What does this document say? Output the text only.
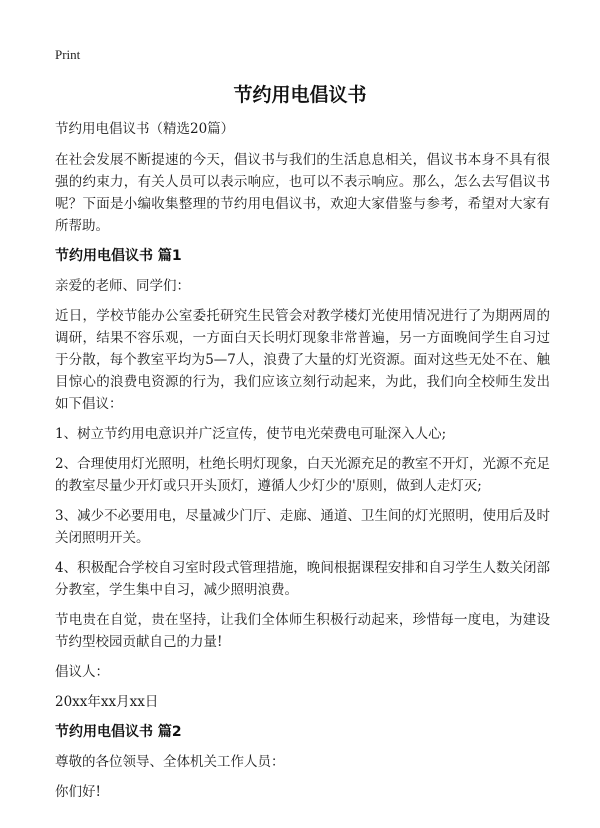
Print
节约用电倡议书

节约用电倡议书（精选20篇）

在社会发展不断提速的今天，倡议书与我们的生活息息相关，倡议书本身不具有很强的约束力，有关人员可以表示响应，也可以不表示响应。那么，怎么去写倡议书呢？下面是小编收集整理的节约用电倡议书，欢迎大家借鉴与参考，希望对大家有所帮助。

节约用电倡议书 篇1

亲爱的老师、同学们：

近日，学校节能办公室委托研究生民管会对教学楼灯光使用情况进行了为期两周的调研，结果不容乐观，一方面白天长明灯现象非常普遍，另一方面晚间学生自习过于分散，每个教室平均为5—7人，浪费了大量的灯光资源。面对这些无处不在、触目惊心的浪费电资源的行为，我们应该立刻行动起来，为此，我们向全校师生发出如下倡议：

1、树立节约用电意识并广泛宣传，使节电光荣费电可耻深入人心;

2、合理使用灯光照明，杜绝长明灯现象，白天光源充足的教室不开灯，光源不充足的教室尽量少开灯或只开头顶灯，遵循人少灯少的'原则，做到人走灯灭;

3、减少不必要用电，尽量减少门厅、走廊、通道、卫生间的灯光照明，使用后及时关闭照明开关。

4、积极配合学校自习室时段式管理措施，晚间根据课程安排和自习学生人数关闭部分教室，学生集中自习，减少照明浪费。

节电贵在自觉，贵在坚持，让我们全体师生积极行动起来，珍惜每一度电，为建设节约型校园贡献自己的力量!

倡议人：

20xx年xx月xx日

节约用电倡议书 篇2

尊敬的各位领导、全体机关工作人员：

你们好!
